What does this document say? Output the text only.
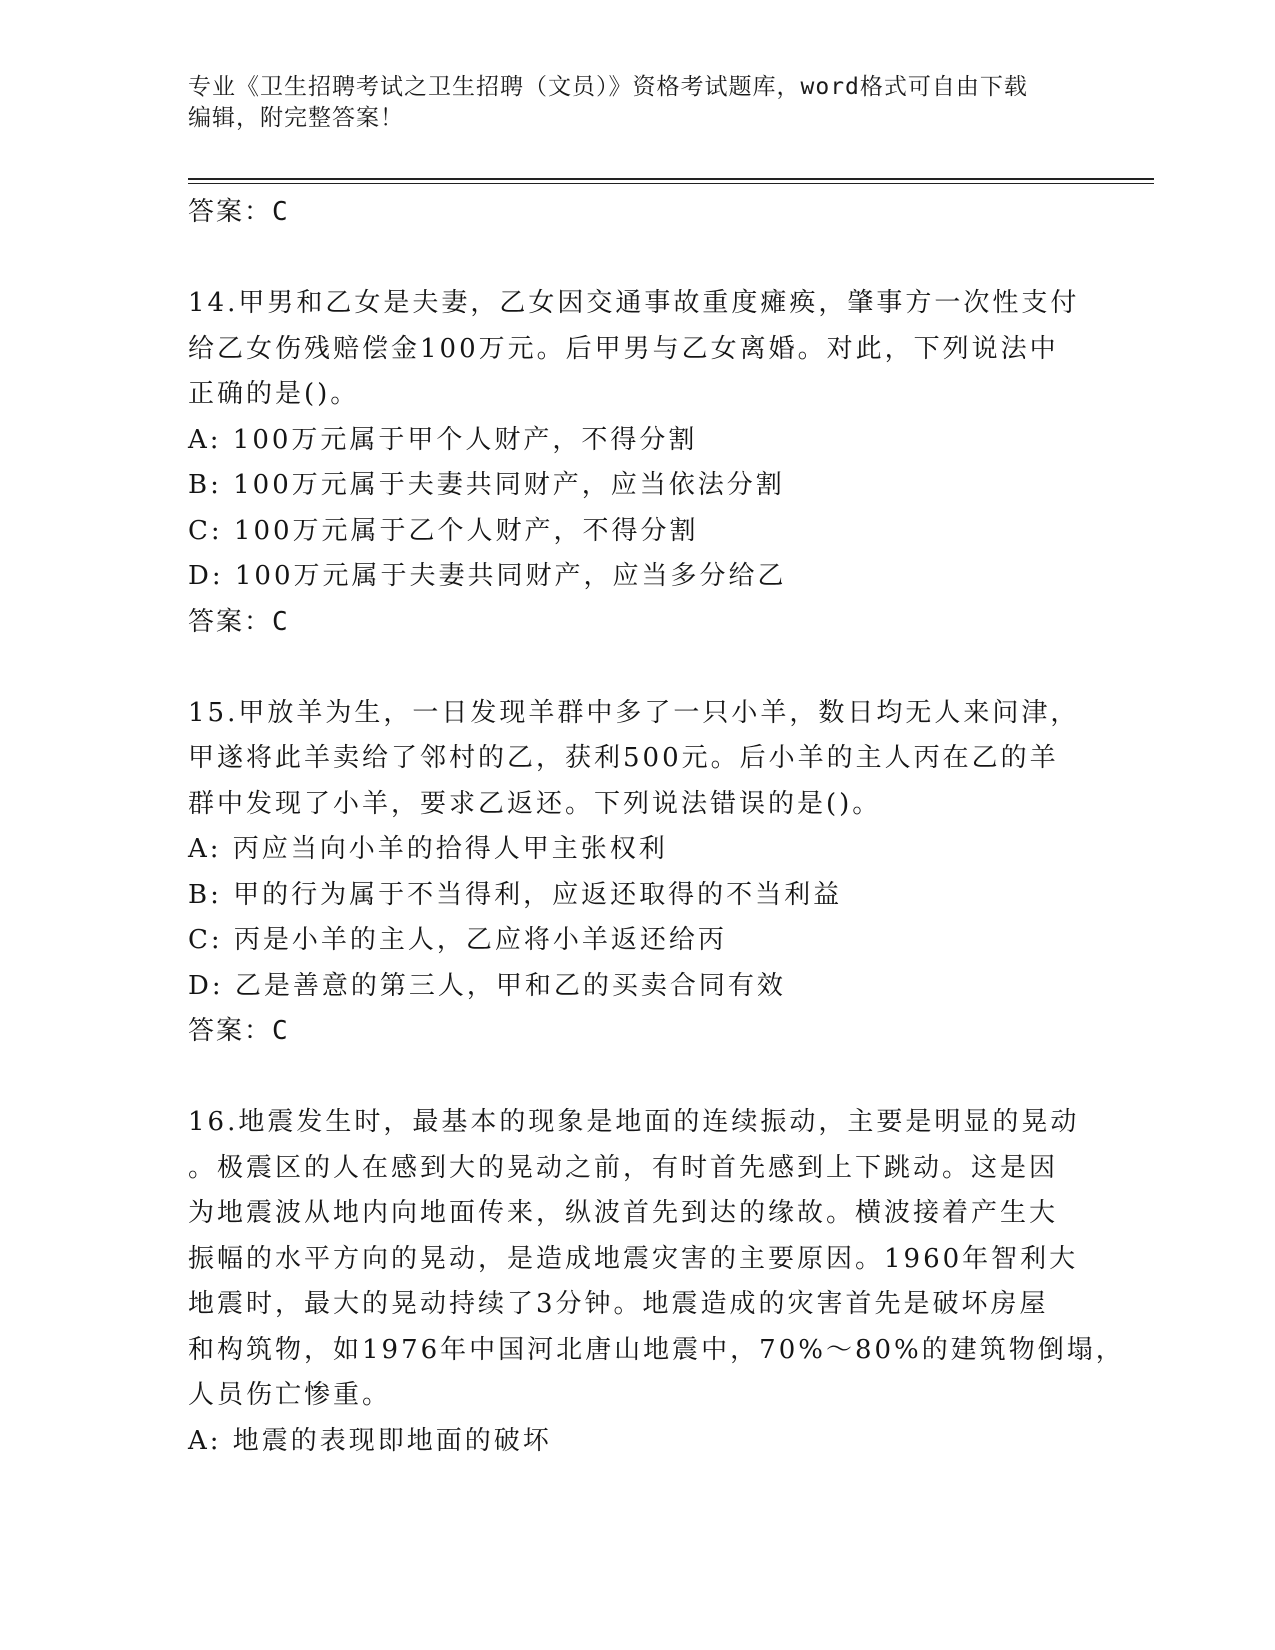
专业《卫生招聘考试之卫生招聘（文员）》资格考试题库，word格式可自由下载
编辑，附完整答案！
答案：C
14.甲男和乙女是夫妻，乙女因交通事故重度瘫痪，肇事方一次性支付
给乙女伤残赔偿金100万元。后甲男与乙女离婚。对此，下列说法中
正确的是()。
A: 100万元属于甲个人财产，不得分割
B: 100万元属于夫妻共同财产，应当依法分割
C: 100万元属于乙个人财产，不得分割
D: 100万元属于夫妻共同财产，应当多分给乙
答案：C
15.甲放羊为生，一日发现羊群中多了一只小羊，数日均无人来问津，
甲遂将此羊卖给了邻村的乙，获利500元。后小羊的主人丙在乙的羊
群中发现了小羊，要求乙返还。下列说法错误的是()。
A: 丙应当向小羊的拾得人甲主张权利
B: 甲的行为属于不当得利，应返还取得的不当利益
C: 丙是小羊的主人，乙应将小羊返还给丙
D: 乙是善意的第三人，甲和乙的买卖合同有效
答案：C
16.地震发生时，最基本的现象是地面的连续振动，主要是明显的晃动
。极震区的人在感到大的晃动之前，有时首先感到上下跳动。这是因
为地震波从地内向地面传来，纵波首先到达的缘故。横波接着产生大
振幅的水平方向的晃动，是造成地震灾害的主要原因。1960年智利大
地震时，最大的晃动持续了3分钟。地震造成的灾害首先是破坏房屋
和构筑物，如1976年中国河北唐山地震中，70%～80%的建筑物倒塌，
人员伤亡惨重。
A: 地震的表现即地面的破坏
